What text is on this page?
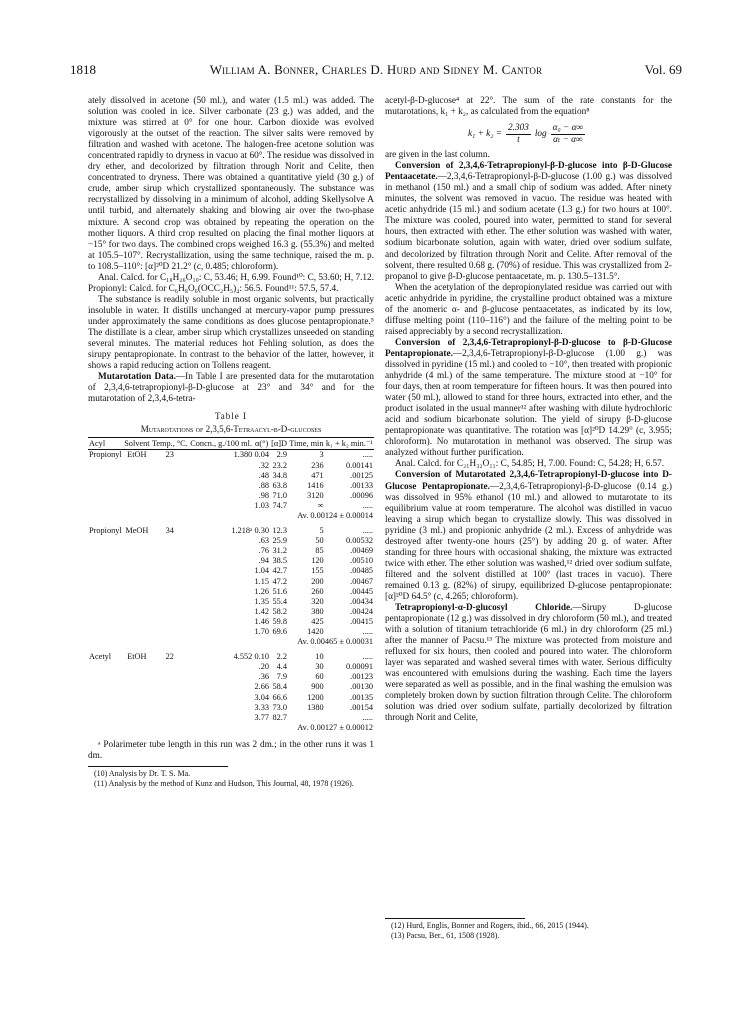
1818	William A. Bonner, Charles D. Hurd and Sidney M. Cantor	Vol. 69

ately dissolved in acetone (50 ml.), and water (1.5 ml.) was added. The solution was cooled in ice. Silver carbonate (23 g.) was added, and the mixture was stirred at 0° for one hour. Carbon dioxide was evolved vigorously at the outset of the reaction. The silver salts were removed by filtration and washed with acetone. The halogen-free acetone solution was concentrated rapidly to dryness in vacuo at 60°. The residue was dissolved in dry ether, and decolorized by filtration through Norit and Celite, then concentrated to dryness. There was obtained a quantitative yield (30 g.) of crude, amber sirup which crystallized spontaneously. The substance was recrystallized by dissolving in a minimum of alcohol, adding Skellysolve A until turbid, and alternately shaking and blowing air over the two-phase mixture. A second crop was obtained by repeating the operation on the mother liquors. A third crop resulted on placing the final mother liquors at −15° for two days. The combined crops weighed 16.3 g. (55.3%) and melted at 105.5–107°. Recrystallization, using the same technique, raised the m. p. to 108.5–110°: [α]²⁰D 21.2° (c, 0.485; chloroform).

Anal. Calcd. for C₁₈H₂₆O₁₀: C, 53.46; H, 6.99. Found¹⁰: C, 53.60; H, 7.12. Propionyl: Calcd. for C₆H₈O₆(OCC₂H₅)₄: 56.5. Found¹¹: 57.5, 57.4.

The substance is readily soluble in most organic solvents, but practically insoluble in water. It distills unchanged at mercury-vapor pump pressures under approximately the same conditions as does glucose pentapropionate.⁵ The distillate is a clear, amber sirup which crystallizes unseeded on standing several minutes. The material reduces hot Fehling solution, as does the sirupy pentapropionate. In contrast to the behavior of the latter, however, it shows a rapid reducing action on Tollens reagent.

Mutarotation Data.—In Table I are presented data for the mutarotation of 2,3,4,6-tetrapropionyl-β-D-glucose at 23° and 34° and for the mutarotation of 2,3,4,6-tetra-

Table I
Mutarotations of 2,3,5,6-Tetraacyl-β-D-glucoses
Acyl	Solvent	Temp., °C.	Concn., g./100 ml.	α(°)	[α]D	Time, min	k₁ + k₂ min.⁻¹
Propionyl	EtOH	23	1.380	0.04	2.9	3	.....
				.32	23.2	236	0.00141
				.48	34.8	471	.00125
				.88	63.8	1416	.00133
				.98	71.0	3120	.00096
				1.03	74.7	∞	.....
Av. 0.00124 ± 0.00014							
Propionyl	MeOH	34	1.218ᵃ	0.30	12.3	5	.....
				.63	25.9	50	0.00532
				.76	31.2	85	.00469
				.94	38.5	120	.00510
				1.04	42.7	155	.00485
				1.15	47.2	200	.00467
				1.26	51.6	260	.00445
				1.35	55.4	320	.00434
				1.42	58.2	380	.00424
				1.46	59.8	425	.00415
				1.70	69.6	1420	.....
Av. 0.00465 ± 0.00031							
Acetyl	EtOH	22	4.552	0.10	2.2	10	.....
				.20	4.4	30	0.00091
				.36	7.9	60	.00123
				2.66	58.4	900	.00130
				3.04	66.6	1200	.00135
				3.33	73.0	1380	.00154
				3.77	82.7		.....
Av. 0.00127 ± 0.00012							

ᵃ Polarimeter tube length in this run was 2 dm.; in the other runs it was 1 dm.

(10) Analysis by Dr. T. S. Ma.

(11) Analysis by the method of Kunz and Hudson, This Journal, 48, 1978 (1926).

acetyl-β-D-glucose⁴ at 22°. The sum of the rate constants for the mutarotations, k₁ + k₂, as calculated from the equation⁸

$k_1 + k_2 = \frac{2.303}{t}$ $\log \frac{\text{α₀ − α∞}}{\text{αₜ − α∞}}$

are given in the last column.

Conversion of 2,3,4,6-Tetrapropionyl-β-D-glucose into β-D-Glucose Pentaacetate.—2,3,4,6-Tetrapropionyl-β-D-glucose (1.00 g.) was dissolved in methanol (150 ml.) and a small chip of sodium was added. After ninety minutes, the solvent was removed in vacuo. The residue was heated with acetic anhydride (15 ml.) and sodium acetate (1.3 g.) for two hours at 100°. The mixture was cooled, poured into water, permitted to stand for several hours, then extracted with ether. The ether solution was washed with water, sodium bicarbonate solution, again with water, dried over sodium sulfate, and decolorized by filtration through Norit and Celite. After removal of the solvent, there resulted 0.68 g. (70%) of residue. This was crystallized from 2-propanol to give β-D-glucose pentaacetate, m. p. 130.5–131.5°.

When the acetylation of the depropionylated residue was carried out with acetic anhydride in pyridine, the crystalline product obtained was a mixture of the anomeric α- and β-glucose pentaacetates, as indicated by its low, diffuse melting point (110–116°) and the failure of the melting point to be raised appreciably by a second recrystallization.

Conversion of 2,3,4,6-Tetrapropionyl-β-D-glucose to β-D-Glucose Pentapropionate.—2,3,4,6-Tetrapropionyl-β-D-glucose (1.00 g.) was dissolved in pyridine (15 ml.) and cooled to −10°, then treated with propionic anhydride (4 ml.) of the same temperature. The mixture stood at −10° for four days, then at room temperature for fifteen hours. It was then poured into water (50 ml.), allowed to stand for three hours, extracted into ether, and the product isolated in the usual manner¹² after washing with dilute hydrochloric acid and sodium bicarbonate solution. The yield of sirupy β-D-glucose pentapropionate was quantitative. The rotation was [α]²⁰D 14.29° (c, 3.955; chloroform). No mutarotation in methanol was observed. The sirup was analyzed without further purification.

Anal. Calcd. for C₂₁H₃₂O₁₁: C, 54.85; H, 7.00. Found: C, 54.28; H, 6.57.

Conversion of Mutarotated 2,3,4,6-Tetrapropionyl-D-glucose into D-Glucose Pentapropionate.—2,3,4,6-Tetrapropionyl-β-D-glucose (0.14 g.) was dissolved in 95% ethanol (10 ml.) and allowed to mutarotate to its equilibrium value at room temperature. The alcohol was distilled in vacuo leaving a sirup which began to crystallize slowly. This was dissolved in pyridine (3 ml.) and propionic anhydride (2 ml.). Excess of anhydride was destroyed after twenty-one hours (25°) by adding 20 g. of water. After standing for three hours with occasional shaking, the mixture was extracted twice with ether. The ether solution was washed,¹² dried over sodium sulfate, filtered and the solvent distilled at 100° (last traces in vacuo). There remained 0.13 g. (82%) of sirupy, equilibrized D-glucose pentapropionate: [α]²⁰D 64.5° (c, 4.265; chloroform).

Tetrapropionyl-α-D-glucosyl Chloride.—Sirupy D-glucose pentapropionate (12 g.) was dissolved in dry chloroform (50 ml.), and treated with a solution of titanium tetrachloride (6 ml.) in dry chloroform (25 ml.) after the manner of Pacsu.¹³ The mixture was protected from moisture and refluxed for six hours, then cooled and poured into water. The chloroform layer was separated and washed several times with water. Serious difficulty was encountered with emulsions during the washing. Each time the layers were separated as well as possible, and in the final washing the emulsion was completely broken down by suction filtration through Celite. The chloroform solution was dried over sodium sulfate, partially decolorized by filtration through Norit and Celite,

(12) Hurd, Englis, Bonner and Rogers, ibid., 66, 2015 (1944).

(13) Pacsu, Ber., 61, 1508 (1928).
